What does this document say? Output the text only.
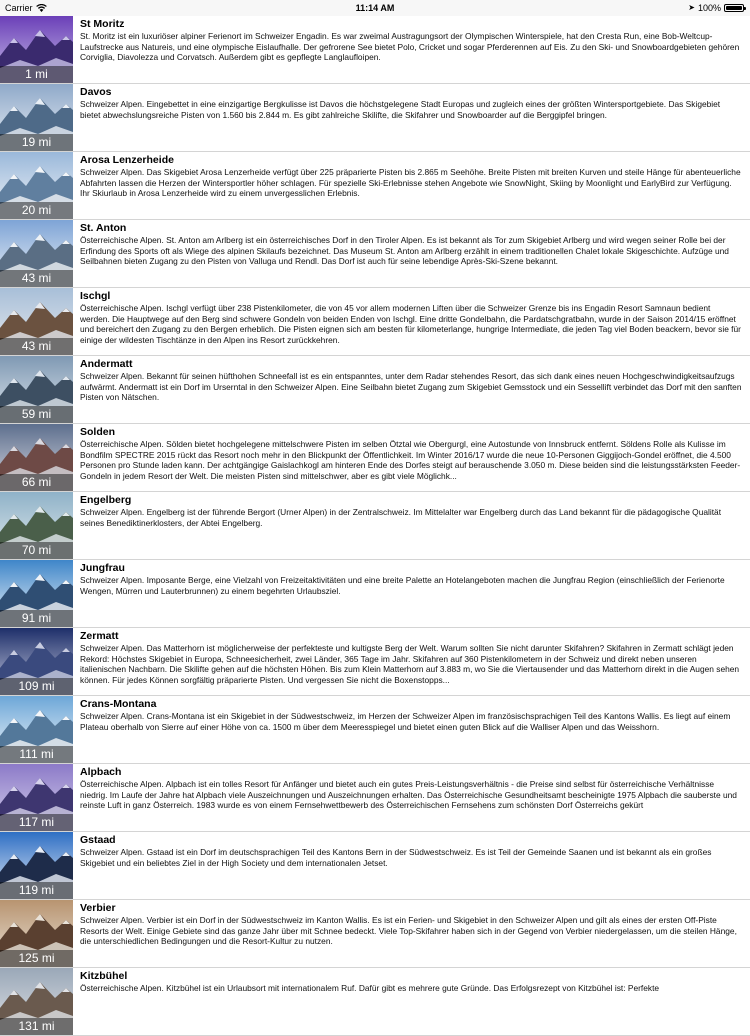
Carrier	11:14 AM	➤ 100%
1 mi
St Moritz
St. Moritz ist ein luxuriöser alpiner Ferienort im Schweizer Engadin. Es war zweimal Austragungsort der Olympischen Winterspiele, hat den Cresta Run, eine Bob-Weltcup-Laufstrecke aus Natureis, und eine olympische Eislaufhalle. Der gefrorene See bietet Polo, Cricket und sogar Pferderennen auf Eis. Zu den Ski- und Snowboardgebieten gehören Corviglia, Diavolezza und Corvatsch. Außerdem gibt es gepflegte Langlaufloipen.
19 mi
Davos
Schweizer Alpen. Eingebettet in eine einzigartige Bergkulisse ist Davos die höchstgelegene Stadt Europas und zugleich eines der größten Wintersportgebiete. Das Skigebiet bietet abwechslungsreiche Pisten von 1.560 bis 2.844 m. Es gibt zahlreiche Skilifte, die Skifahrer und Snowboarder auf die Berggipfel bringen.
20 mi
Arosa Lenzerheide
Schweizer Alpen. Das Skigebiet Arosa Lenzerheide verfügt über 225 präparierte Pisten bis 2.865 m Seehöhe. Breite Pisten mit breiten Kurven und steile Hänge für abenteuerliche Abfahrten lassen die Herzen der Wintersportler höher schlagen. Für spezielle Ski-Erlebnisse stehen Angebote wie SnowNight, Skiing by Moonlight und EarlyBird zur Verfügung. Ihr Skiurlaub in Arosa Lenzerheide wird zu einem unvergesslichen Erlebnis.
43 mi
St. Anton
Österreichische Alpen. St. Anton am Arlberg ist ein österreichisches Dorf in den Tiroler Alpen. Es ist bekannt als Tor zum Skigebiet Arlberg und wird wegen seiner Rolle bei der Erfindung des Sports oft als Wiege des alpinen Skilaufs bezeichnet. Das Museum St. Anton am Arlberg erzählt in einem traditionellen Chalet lokale Skigeschichte. Aufzüge und Seilbahnen bieten Zugang zu den Pisten von Valluga und Rendl. Das Dorf ist auch für seine lebendige Après-Ski-Szene bekannt.
43 mi
Ischgl
Österreichische Alpen. Ischgl verfügt über 238 Pistenkilometer, die von 45 vor allem modernen Liften über die Schweizer Grenze bis ins Engadin Resort Samnaun bedient werden. Die Hauptwege auf den Berg sind schwere Gondeln von beiden Enden von Ischgl. Eine dritte Gondelbahn, die Pardatschgratbahn, wurde in der Saison 2014/15 eröffnet und bereichert den Zugang zu den Bergen erheblich. Die Pisten eignen sich am besten für kilometerlange, hungrige Intermediate, die jeden Tag viel Boden beackern, bevor sie für einige der wildesten Tischtänze in den Alpen ins Resort zurückkehren.
59 mi
Andermatt
Schweizer Alpen. Bekannt für seinen hüfthohen Schneefall ist es ein entspanntes, unter dem Radar stehendes Resort, das sich dank eines neuen Hochgeschwindigkeitsaufzugs aufwärmt. Andermatt ist ein Dorf im Urserntal in den Schweizer Alpen. Eine Seilbahn bietet Zugang zum Skigebiet Gemsstock und ein Sessellift verbindet das Dorf mit den sanften Pisten von Nätschen.
66 mi
Solden
Österreichische Alpen. Sölden bietet hochgelegene mittelschwere Pisten im selben Ötztal wie Obergurgl, eine Autostunde von Innsbruck entfernt. Söldens Rolle als Kulisse im Bondfilm SPECTRE 2015 rückt das Resort noch mehr in den Blickpunkt der Öffentlichkeit. Im Winter 2016/17 wurde die neue 10-Personen Giggijoch-Gondel eröffnet, die 4.500 Personen pro Stunde laden kann. Der achtgängige Gaislachkogl am hinteren Ende des Dorfes steigt auf berauschende 3.050 m. Diese beiden sind die leistungsstärksten Feeder-Gondeln in jedem Resort der Welt. Die meisten Pisten sind mittelschwer, aber es gibt viele Möglichk...
70 mi
Engelberg
Schweizer Alpen. Engelberg ist der führende Bergort (Urner Alpen) in der Zentralschweiz. Im Mittelalter war Engelberg durch das Land bekannt für die pädagogische Qualität seines Benediktinerklosters, der Abtei Engelberg.
91 mi
Jungfrau
Schweizer Alpen. Imposante Berge, eine Vielzahl von Freizeitaktivitäten und eine breite Palette an Hotelangeboten machen die Jungfrau Region (einschließlich der Ferienorte Wengen, Mürren und Lauterbrunnen) zu einem begehrten Urlaubsziel.
109 mi
Zermatt
Schweizer Alpen. Das Matterhorn ist möglicherweise der perfekteste und kultigste Berg der Welt. Warum sollten Sie nicht darunter Skifahren? Skifahren in Zermatt schlägt jeden Rekord: Höchstes Skigebiet in Europa, Schneesicherheit, zwei Länder, 365 Tage im Jahr. Skifahren auf 360 Pistenkilometern in der Schweiz und direkt neben unseren italienischen Nachbarn. Die Skilifte gehen auf die höchsten Höhen. Bis zum Klein Matterhorn auf 3.883 m, wo Sie die Viertausender und das Matterhorn direkt in die Augen sehen können. Für jedes Können sorgfältig präparierte Pisten. Und vergessen Sie nicht die Boxenstopps...
111 mi
Crans-Montana
Schweizer Alpen. Crans-Montana ist ein Skigebiet in der Südwestschweiz, im Herzen der Schweizer Alpen im französischsprachigen Teil des Kantons Wallis. Es liegt auf einem Plateau oberhalb von Sierre auf einer Höhe von ca. 1500 m über dem Meeresspiegel und bietet einen guten Blick auf die Walliser Alpen und das Weisshorn.
117 mi
Alpbach
Österreichische Alpen. Alpbach ist ein tolles Resort für Anfänger und bietet auch ein gutes Preis-Leistungsverhältnis - die Preise sind selbst für österreichische Verhältnisse niedrig. Im Laufe der Jahre hat Alpbach viele Auszeichnungen und Auszeichnungen erhalten. Das Österreichische Gesundheitsamt bescheinigte 1975 Alpbach die sauberste und reinste Luft in ganz Österreich. 1983 wurde es von einem Fernsehwettbewerb des Österreichischen Fernsehens zum schönsten Dorf Österreichs gekürt
119 mi
Gstaad
Schweizer Alpen. Gstaad ist ein Dorf im deutschsprachigen Teil des Kantons Bern in der Südwestschweiz. Es ist Teil der Gemeinde Saanen und ist bekannt als ein großes Skigebiet und ein beliebtes Ziel in der High Society und dem internationalen Jetset.
125 mi
Verbier
Schweizer Alpen. Verbier ist ein Dorf in der Südwestschweiz im Kanton Wallis. Es ist ein Ferien- und Skigebiet in den Schweizer Alpen und gilt als eines der ersten Off-Piste Resorts der Welt. Einige Gebiete sind das ganze Jahr über mit Schnee bedeckt. Viele Top-Skifahrer haben sich in der Gegend von Verbier niedergelassen, um die steilen Hänge, die unterschiedlichen Bedingungen und die Resort-Kultur zu nutzen.
131 mi
Kitzbühel
Österreichische Alpen. Kitzbühel ist ein Urlaubsort mit internationalem Ruf. Dafür gibt es mehrere gute Gründe. Das Erfolgsrezept von Kitzbühel ist: Perfekte
